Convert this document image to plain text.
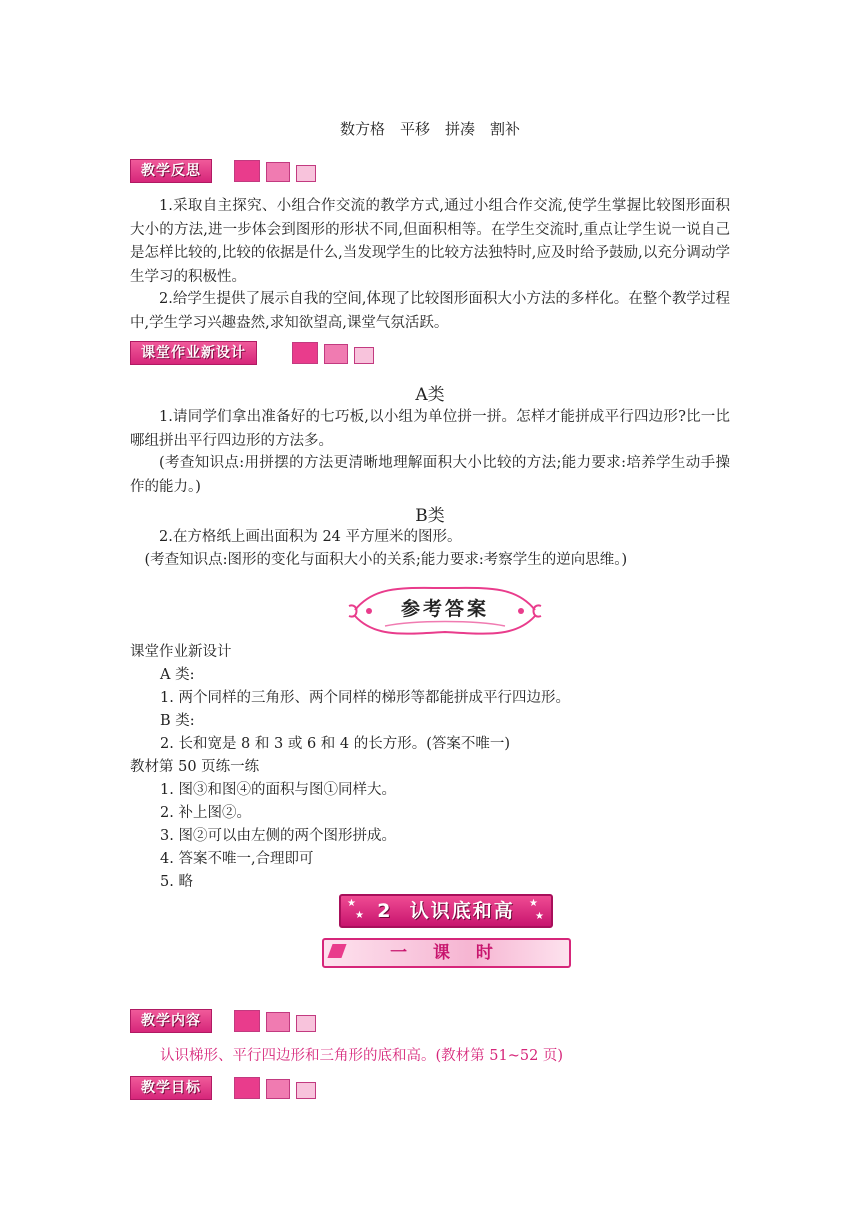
数方格　平移　拼凑　割补
教学反思

1.采取自主探究、小组合作交流的教学方式,通过小组合作交流,使学生掌握比较图形面积大小的方法,进一步体会到图形的形状不同,但面积相等。在学生交流时,重点让学生说一说自己是怎样比较的,比较的依据是什么,当发现学生的比较方法独特时,应及时给予鼓励,以充分调动学生学习的积极性。

2.给学生提供了展示自我的空间,体现了比较图形面积大小方法的多样化。在整个教学过程中,学生学习兴趣盎然,求知欲望高,课堂气氛活跃。

课堂作业新设计
A类

1.请同学们拿出准备好的七巧板,以小组为单位拼一拼。怎样才能拼成平行四边形?比一比哪组拼出平行四边形的方法多。

(考查知识点:用拼摆的方法更清晰地理解面积大小比较的方法;能力要求:培养学生动手操作的能力。)

B类

2.在方格纸上画出面积为 24 平方厘米的图形。

(考查知识点:图形的变化与面积大小的关系;能力要求:考察学生的逆向思维。)

参考答案
课堂作业新设计
A 类:
1. 两个同样的三角形、两个同样的梯形等都能拼成平行四边形。
B 类:
2. 长和宽是 8 和 3 或 6 和 4 的长方形。(答案不唯一)
教材第 50 页练一练
1. 图③和图④的面积与图①同样大。
2. 补上图②。
3. 图②可以由左侧的两个图形拼成。
4. 答案不唯一,合理即可
5. 略
★
★
★
★
2  认识底和高
一 课 时
教学内容
认识梯形、平行四边形和三角形的底和高。(教材第 51~52 页)
教学目标
